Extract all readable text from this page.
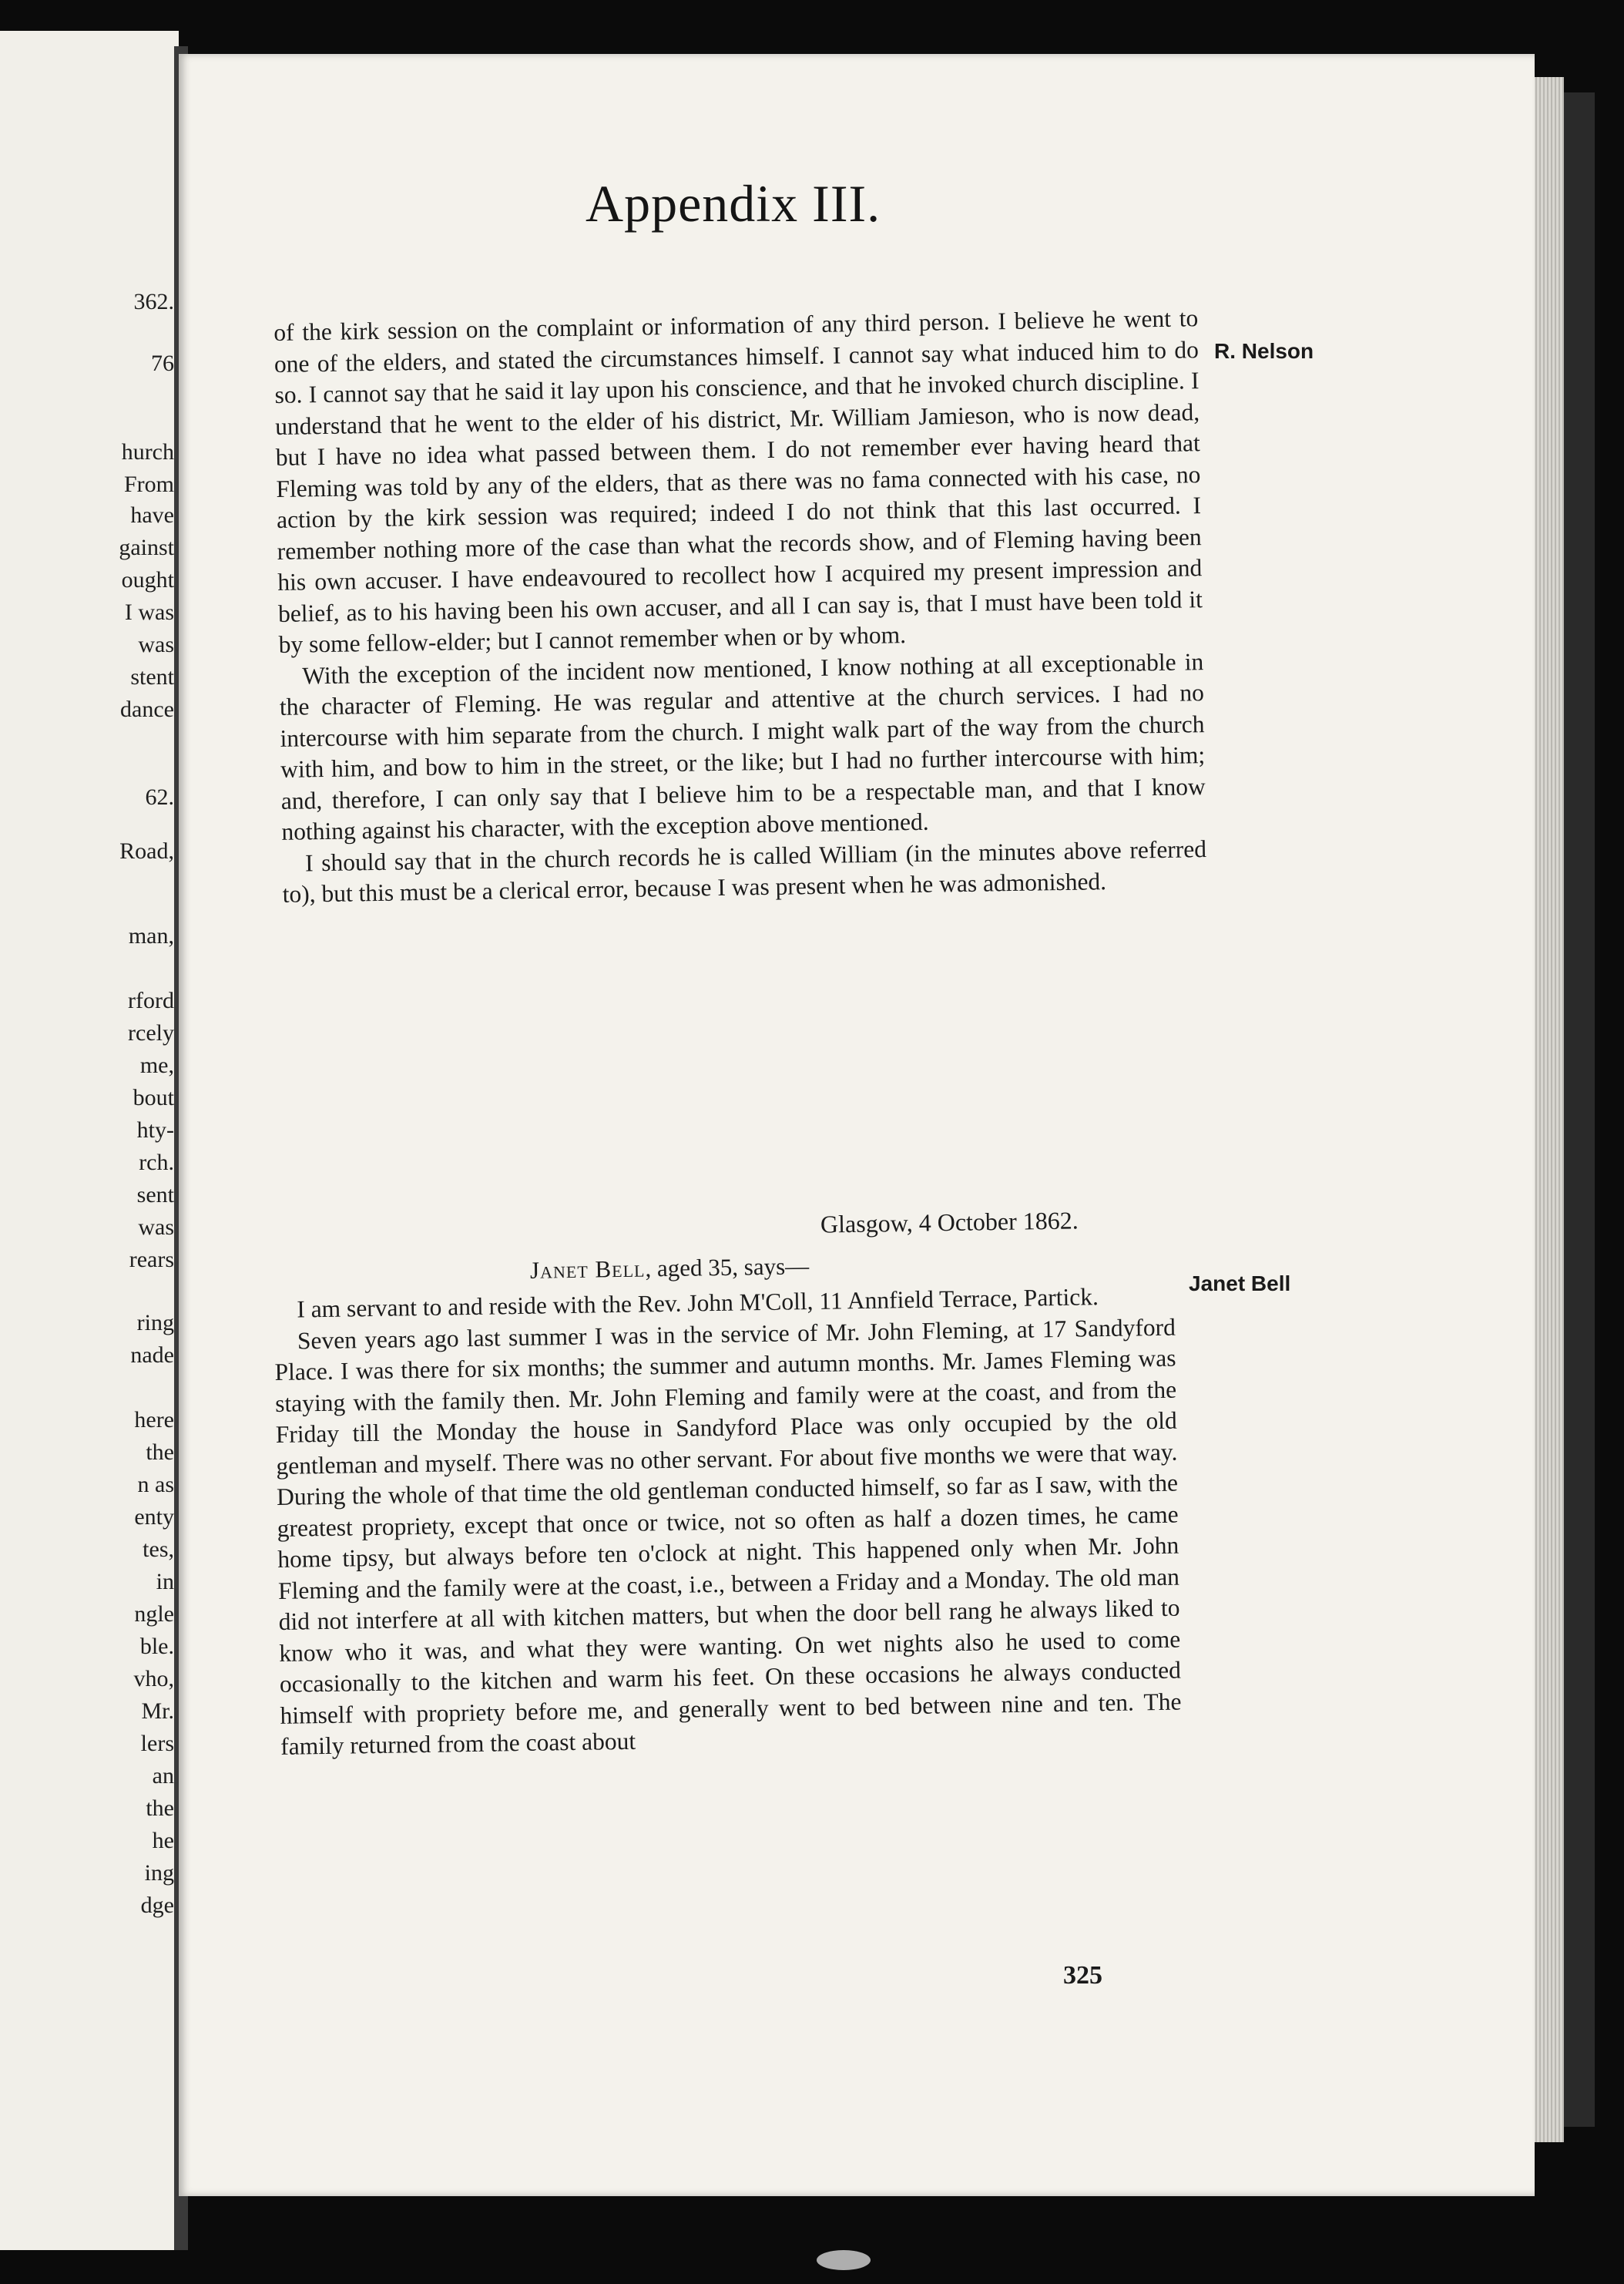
362.
76
hurch
From
have
gainst
ought
I was
was
stent
dance
62.
Road,
man,
rford
rcely
me,
bout
hty-
rch.
sent
was
rears
ring
nade
here
the
n as
enty
tes,
in
ngle
ble.
vho,
Mr.
lers
an
the
he
ing
dge
Appendix III.
R. Nelson

of the kirk session on the complaint or information of any third person. I believe he went to one of the elders, and stated the circumstances himself. I cannot say what induced him to do so. I cannot say that he said it lay upon his conscience, and that he invoked church discipline. I understand that he went to the elder of his district, Mr. William Jamieson, who is now dead, but I have no idea what passed between them. I do not remember ever having heard that Fleming was told by any of the elders, that as there was no fama connected with his case, no action by the kirk session was required; indeed I do not think that this last occurred. I remember nothing more of the case than what the records show, and of Fleming having been his own accuser. I have endeavoured to recollect how I acquired my present impression and belief, as to his having been his own accuser, and all I can say is, that I must have been told it by some fellow-elder; but I cannot remember when or by whom.

With the exception of the incident now mentioned, I know nothing at all exceptionable in the character of Fleming. He was regular and attentive at the church services. I had no intercourse with him separate from the church. I might walk part of the way from the church with him, and bow to him in the street, or the like; but I had no further intercourse with him; and, therefore, I can only say that I believe him to be a respectable man, and that I know nothing against his character, with the exception above mentioned.

I should say that in the church records he is called William (in the minutes above referred to), but this must be a clerical error, because I was present when he was admonished.

Glasgow, 4 October 1862.
Janet Bell, aged 35, says—
Janet Bell

I am servant to and reside with the Rev. John M'Coll, 11 Annfield Terrace, Partick.

Seven years ago last summer I was in the service of Mr. John Fleming, at 17 Sandyford Place. I was there for six months; the summer and autumn months. Mr. James Fleming was staying with the family then. Mr. John Fleming and family were at the coast, and from the Friday till the Monday the house in Sandyford Place was only occupied by the old gentleman and myself. There was no other servant. For about five months we were that way. During the whole of that time the old gentleman conducted himself, so far as I saw, with the greatest propriety, except that once or twice, not so often as half a dozen times, he came home tipsy, but always before ten o'clock at night. This happened only when Mr. John Fleming and the family were at the coast, i.e., between a Friday and a Monday. The old man did not interfere at all with kitchen matters, but when the door bell rang he always liked to know who it was, and what they were wanting. On wet nights also he used to come occasionally to the kitchen and warm his feet. On these occasions he always conducted himself with propriety before me, and generally went to bed between nine and ten. The family returned from the coast about

325
